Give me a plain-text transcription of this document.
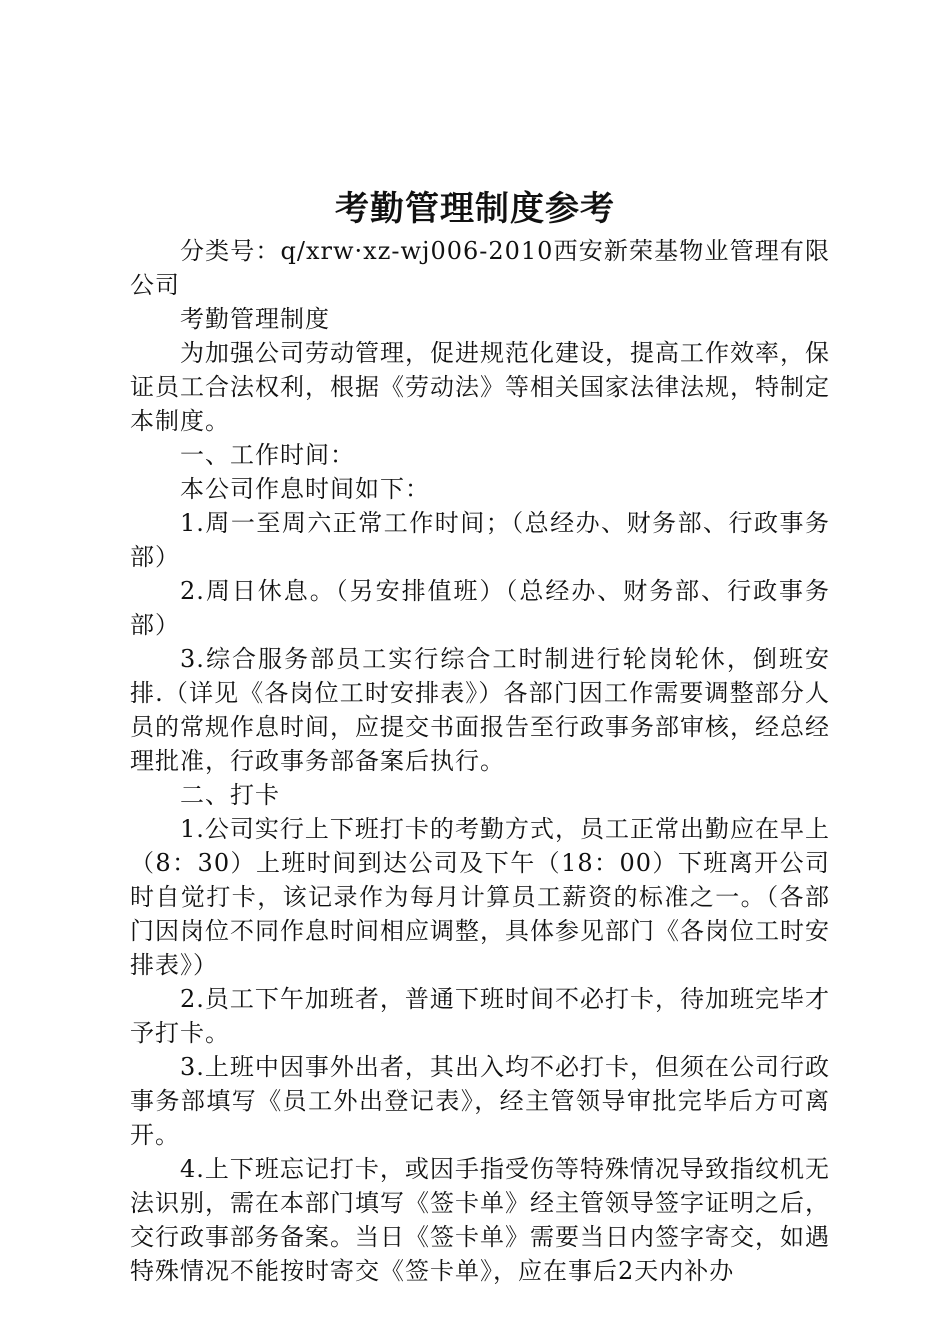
考勤管理制度参考

分类号：q/xrw·xz-wj006-2010西安新荣基物业管理有限公司

考勤管理制度

为加强公司劳动管理，促进规范化建设，提高工作效率，保证员工合法权利，根据《劳动法》等相关国家法律法规，特制定本制度。

一、工作时间：

本公司作息时间如下：

1.周一至周六正常工作时间；（总经办、财务部、行政事务部）

2.周日休息。（另安排值班）（总经办、财务部、行政事务部）

3.综合服务部员工实行综合工时制进行轮岗轮休，倒班安排.（详见《各岗位工时安排表》）各部门因工作需要调整部分人员的常规作息时间，应提交书面报告至行政事务部审核，经总经理批准，行政事务部备案后执行。

二、打卡

1.公司实行上下班打卡的考勤方式，员工正常出勤应在早上（8：30）上班时间到达公司及下午（18：00）下班离开公司时自觉打卡，该记录作为每月计算员工薪资的标准之一。（各部门因岗位不同作息时间相应调整，具体参见部门《各岗位工时安排表》）

2.员工下午加班者，普通下班时间不必打卡，待加班完毕才予打卡。

3.上班中因事外出者，其出入均不必打卡，但须在公司行政事务部填写《员工外出登记表》，经主管领导审批完毕后方可离开。

4.上下班忘记打卡，或因手指受伤等特殊情况导致指纹机无法识别，需在本部门填写《签卡单》经主管领导签字证明之后，交行政事部务备案。当日《签卡单》需要当日内签字寄交，如遇特殊情况不能按时寄交《签卡单》，应在事后2天内补办
